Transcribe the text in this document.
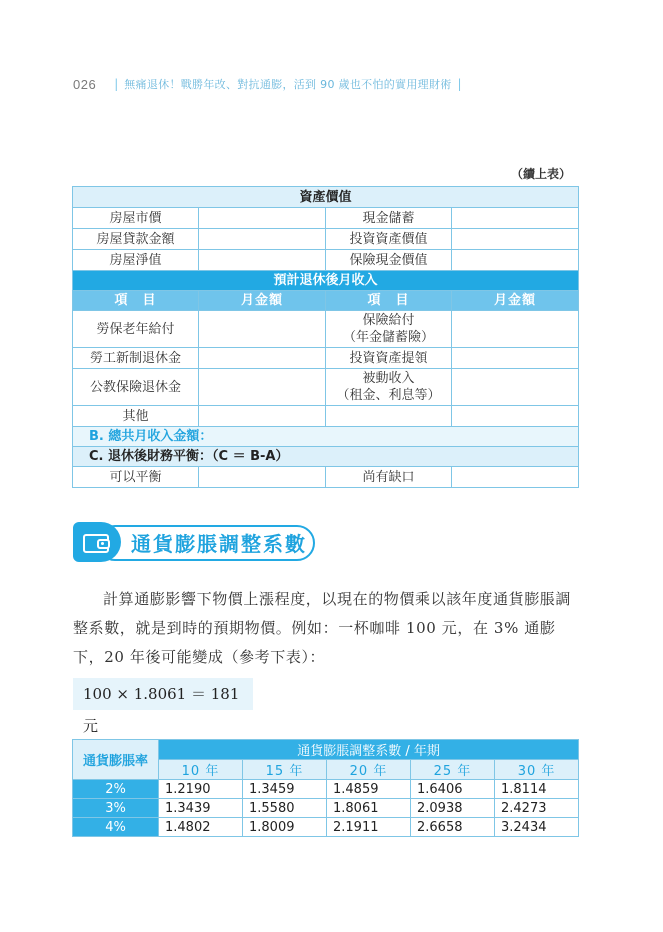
026 | 無痛退休！戰勝年改、對抗通膨，活到 90 歲也不怕的實用理財術 |
（續上表）
資產價值			
房屋市價		現金儲蓄	
房屋貸款金額		投資資產價值	
房屋淨值		保險現金價值	
預計退休後月收入			
項　目	月金額	項　目	月金額
勞保老年給付		保險給付
（年金儲蓄險）	
勞工新制退休金		投資資產提領	
公教保險退休金		被動收入
（租金、利息等）	
其他			
B. 總共月收入金額：			
C. 退休後財務平衡：（C ＝ B-A）			
可以平衡		尚有缺口	
通貨膨脹調整系數
計算通膨影響下物價上漲程度，以現在的物價乘以該年度通貨膨脹調整系數，就是到時的預期物價。例如：一杯咖啡 100 元，在 3% 通膨下，20 年後可能變成（參考下表）：
100 × 1.8061 ＝ 181 元
通貨膨脹率	通貨膨脹調整系數 / 年期				
	10 年	15 年	20 年	25 年	30 年
2%	1.2190	1.3459	1.4859	1.6406	1.8114
3%	1.3439	1.5580	1.8061	2.0938	2.4273
4%	1.4802	1.8009	2.1911	2.6658	3.2434
